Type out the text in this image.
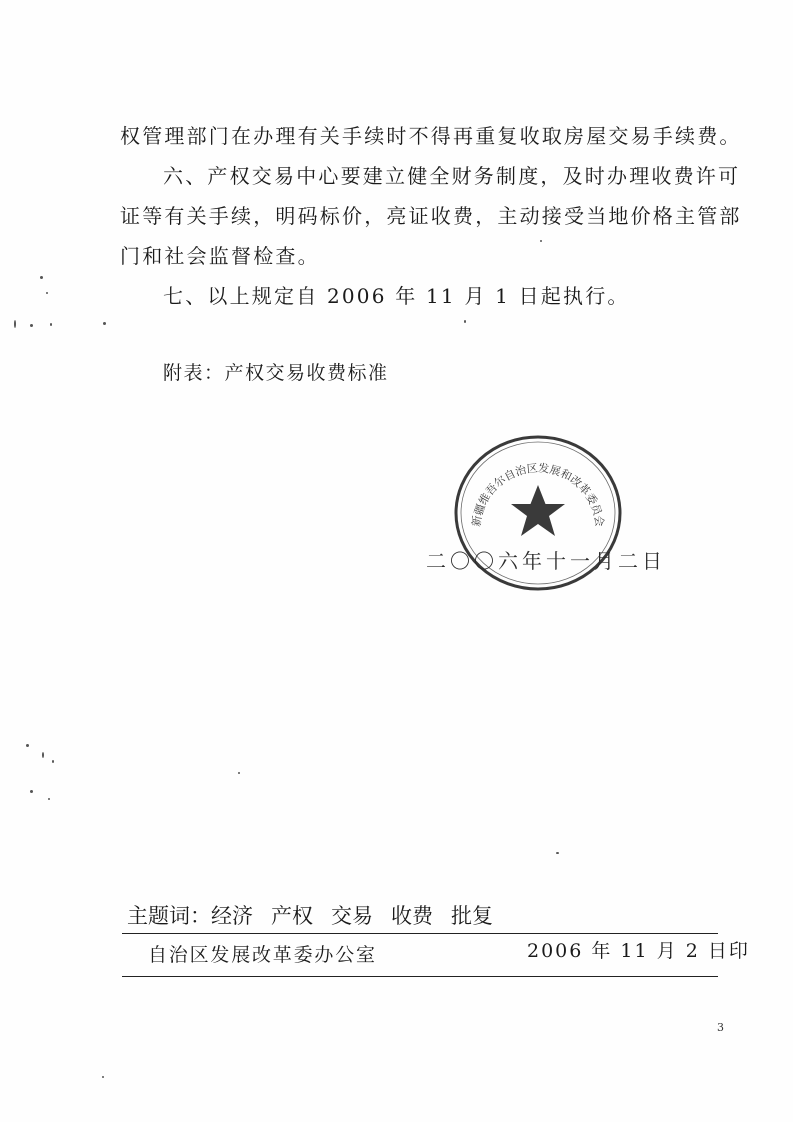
权管理部门在办理有关手续时不得再重复收取房屋交易手续费。
六、产权交易中心要建立健全财务制度，及时办理收费许可
证等有关手续，明码标价，亮证收费，主动接受当地价格主管部
门和社会监督检查。
七、以上规定自 2006 年 11 月 1 日起执行。
附表：产权交易收费标准
新疆维吾尔自治区发展和改革委员会
二〇〇六年十一月二日
主题词： 经济 产权 交易 收费 批复
自治区发展改革委办公室	2006 年 11 月 2 日印
3
